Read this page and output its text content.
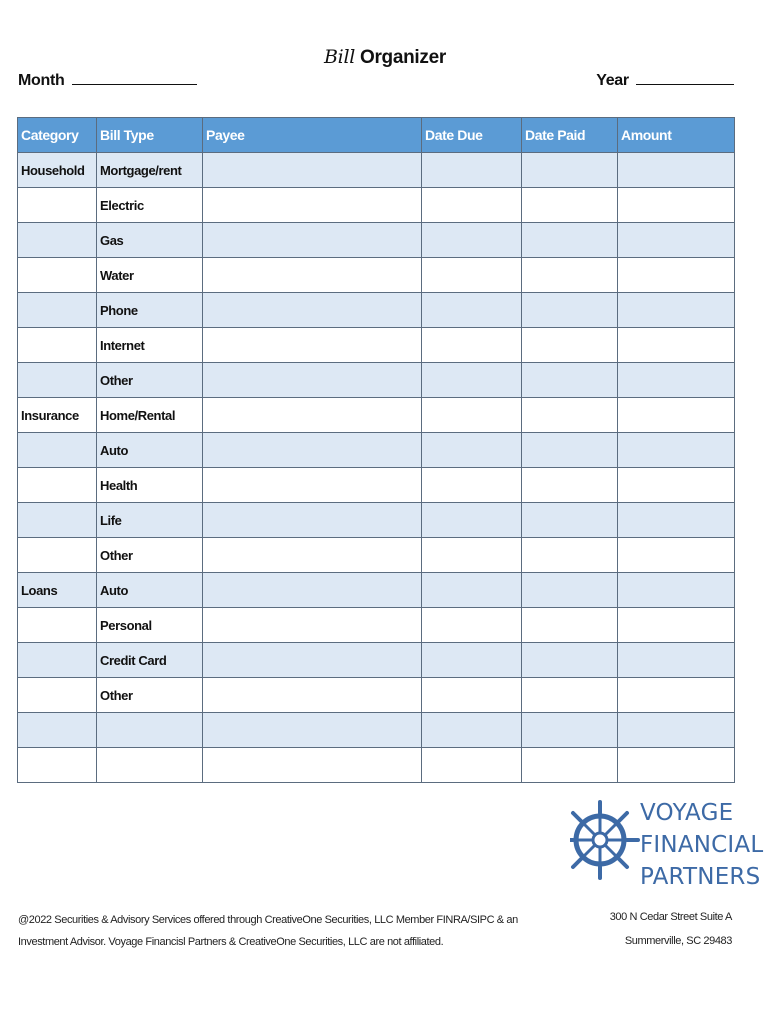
Bill Organizer
Month	Year
Category	Bill Type	Payee	Date Due	Date Paid	Amount
Household	Mortgage/rent				
	Electric				
	Gas				
	Water				
	Phone				
	Internet				
	Other				
Insurance	Home/Rental				
	Auto				
	Health				
	Life				
	Other				
Loans	Auto				
	Personal				
	Credit Card				
	Other				

VOYAGE
FINANCIAL
PARTNERS
@2022 Securities & Advisory Services offered through CreativeOne Securities, LLC Member FINRA/SIPC & an
Investment Advisor. Voyage Financisl Partners & CreativeOne Securities, LLC are not affiliated.
300 N Cedar Street Suite A
Summerville, SC 29483
